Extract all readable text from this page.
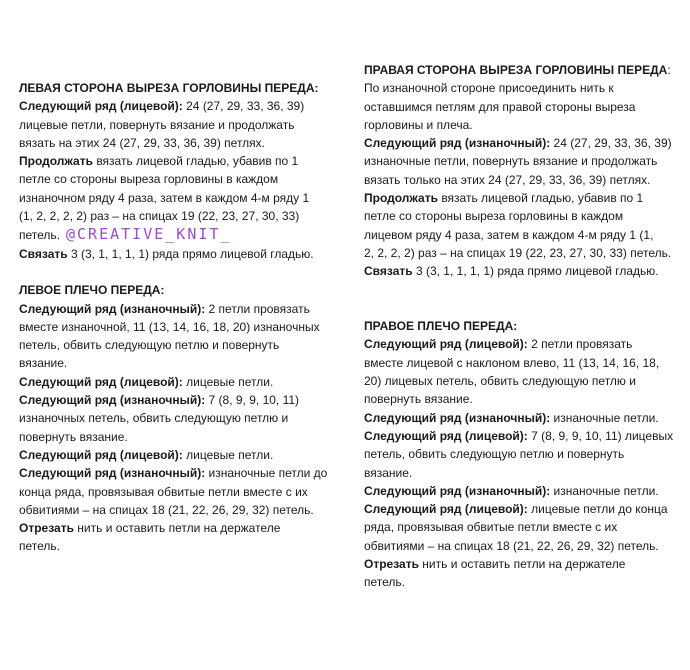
ЛЕВАЯ СТОРОНА ВЫРЕЗА ГОРЛОВИНЫ ПЕРЕДА:
Следующий ряд (лицевой): 24 (27, 29, 33, 36, 39)
лицевые петли, повернуть вязание и продолжать
вязать на этих 24 (27, 29, 33, 36, 39) петлях.
Продолжать вязать лицевой гладью, убавив по 1
петле со стороны выреза горловины в каждом
изнаночном ряду 4 раза, затем в каждом 4-м ряду 1
(1, 2, 2, 2, 2) раз – на спицах 19 (22, 23, 27, 30, 33)
петель. @CREATIVE_KNIT_
Связать 3 (3, 1, 1, 1, 1) ряда прямо лицевой гладью.
ЛЕВОЕ ПЛЕЧО ПЕРЕДА:
Следующий ряд (изнаночный): 2 петли провязать
вместе изнаночной, 11 (13, 14, 16, 18, 20) изнаночных
петель, обвить следующую петлю и повернуть
вязание.
Следующий ряд (лицевой): лицевые петли.
Следующий ряд (изнаночный): 7 (8, 9, 9, 10, 11)
изнаночных петель, обвить следующую петлю и
повернуть вязание.
Следующий ряд (лицевой): лицевые петли.
Следующий ряд (изнаночный): изнаночные петли до
конца ряда, провязывая обвитые петли вместе с их
обвитиями – на спицах 18 (21, 22, 26, 29, 32) петель.
Отрезать нить и оставить петли на держателе
петель.
ПРАВАЯ СТОРОНА ВЫРЕЗА ГОРЛОВИНЫ ПЕРЕДА:
По изнаночной стороне присоединить нить к
оставшимся петлям для правой стороны выреза
горловины и плеча.
Следующий ряд (изнаночный): 24 (27, 29, 33, 36, 39)
изнаночные петли, повернуть вязание и продолжать
вязать только на этих 24 (27, 29, 33, 36, 39) петлях.
Продолжать вязать лицевой гладью, убавив по 1
петле со стороны выреза горловины в каждом
лицевом ряду 4 раза, затем в каждом 4-м ряду 1 (1,
2, 2, 2, 2) раз – на спицах 19 (22, 23, 27, 30, 33) петель.
Связать 3 (3, 1, 1, 1, 1) ряда прямо лицевой гладью.
ПРАВОЕ ПЛЕЧО ПЕРЕДА:
Следующий ряд (лицевой): 2 петли провязать
вместе лицевой с наклоном влево, 11 (13, 14, 16, 18,
20) лицевых петель, обвить следующую петлю и
повернуть вязание.
Следующий ряд (изнаночный): изнаночные петли.
Следующий ряд (лицевой): 7 (8, 9, 9, 10, 11) лицевых
петель, обвить следующую петлю и повернуть
вязание.
Следующий ряд (изнаночный): изнаночные петли.
Следующий ряд (лицевой): лицевые петли до конца
ряда, провязывая обвитые петли вместе с их
обвитиями – на спицах 18 (21, 22, 26, 29, 32) петель.
Отрезать нить и оставить петли на держателе
петель.
